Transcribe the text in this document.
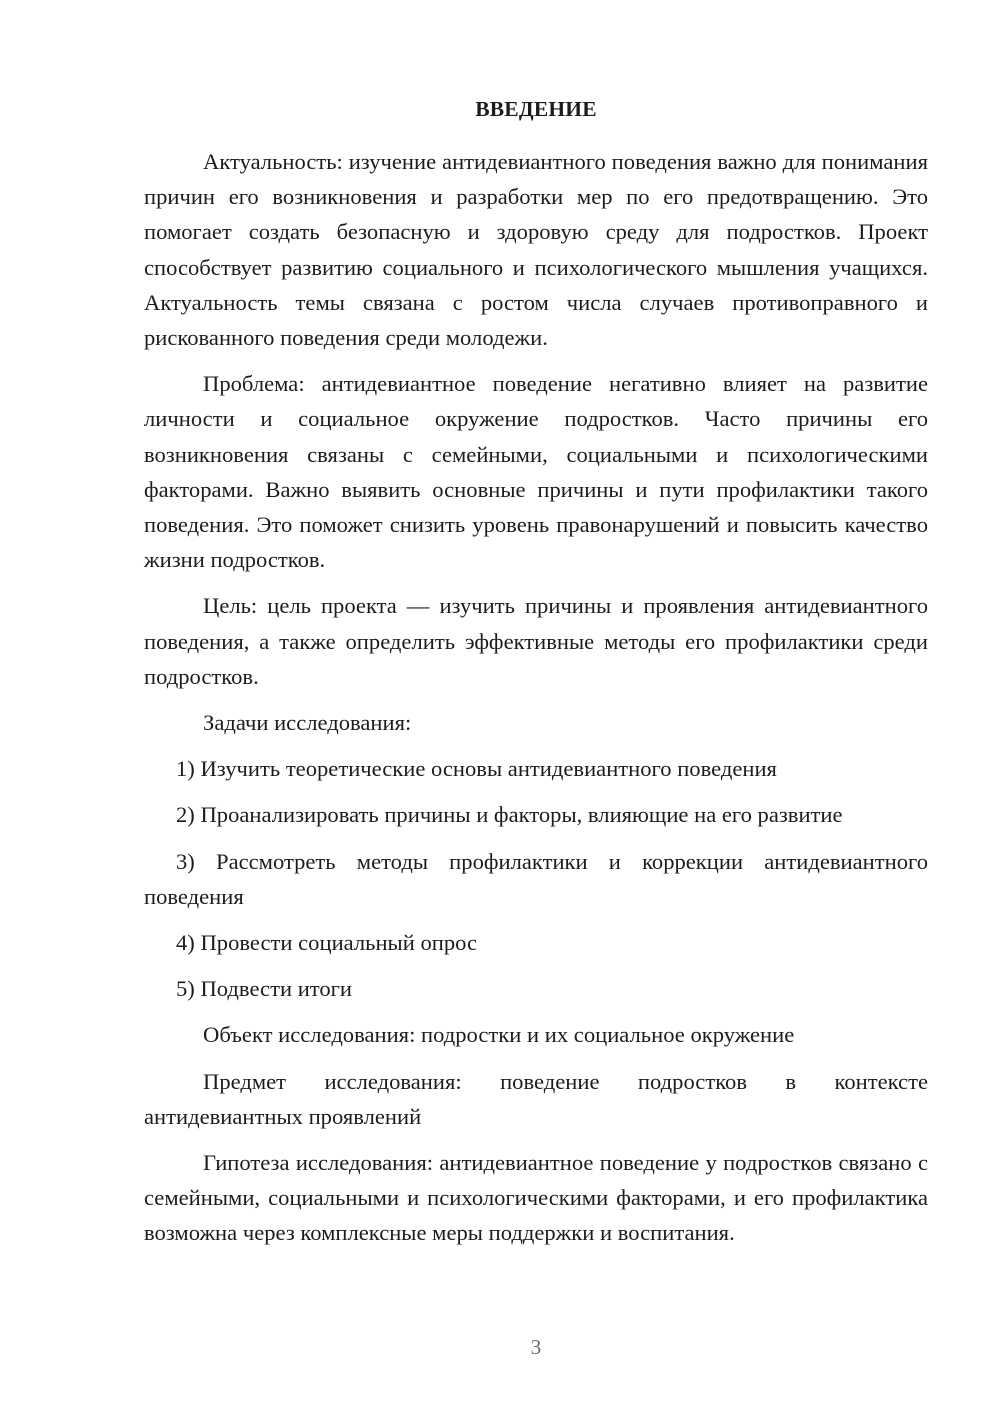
ВВЕДЕНИЕ

Актуальность: изучение антидевиантного поведения важно для понимания причин его возникновения и разработки мер по его предотвращению. Это помогает создать безопасную и здоровую среду для подростков. Проект способствует развитию социального и психологического мышления учащихся. Актуальность темы связана с ростом числа случаев противоправного и рискованного поведения среди молодежи.

Проблема: антидевиантное поведение негативно влияет на развитие личности и социальное окружение подростков. Часто причины его возникновения связаны с семейными, социальными и психологическими факторами. Важно выявить основные причины и пути профилактики такого поведения. Это поможет снизить уровень правонарушений и повысить качество жизни подростков.

Цель: цель проекта — изучить причины и проявления антидевиантного поведения, а также определить эффективные методы его профилактики среди подростков.

Задачи исследования:

1) Изучить теоретические основы антидевиантного поведения

2) Проанализировать причины и факторы, влияющие на его развитие

3) Рассмотреть методы профилактики и коррекции антидевиантного поведения

4) Провести социальный опрос

5) Подвести итоги

Объект исследования: подростки и их социальное окружение

Предмет исследования: поведение подростков в контексте антидевиантных проявлений

Гипотеза исследования: антидевиантное поведение у подростков связано с семейными, социальными и психологическими факторами, и его профилактика возможна через комплексные меры поддержки и воспитания.

3
